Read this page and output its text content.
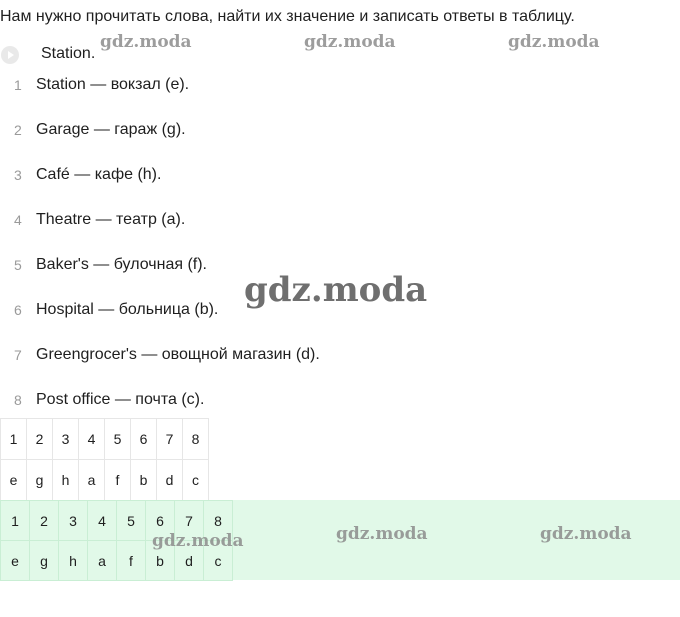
Нам нужно прочитать слова, найти их значение и записать ответы в таблицу.
Station.
1 Station — вокзал (e).
2 Garage — гараж (g).
3 Café — кафе (h).
4 Theatre — театр (a).
5 Baker's — булочная (f).
6 Hospital — больница (b).
7 Greengrocer's — овощной магазин (d).
8 Post office — почта (c).
1	2	3	4	5	6	7	8
e	g	h	a	f	b	d	c
1	2	3	4	5	6	7	8
e	g	h	a	f	b	d	c
gdz.moda	gdz.moda	gdz.moda
gdz.moda
gdz.moda	gdz.moda	gdz.moda
